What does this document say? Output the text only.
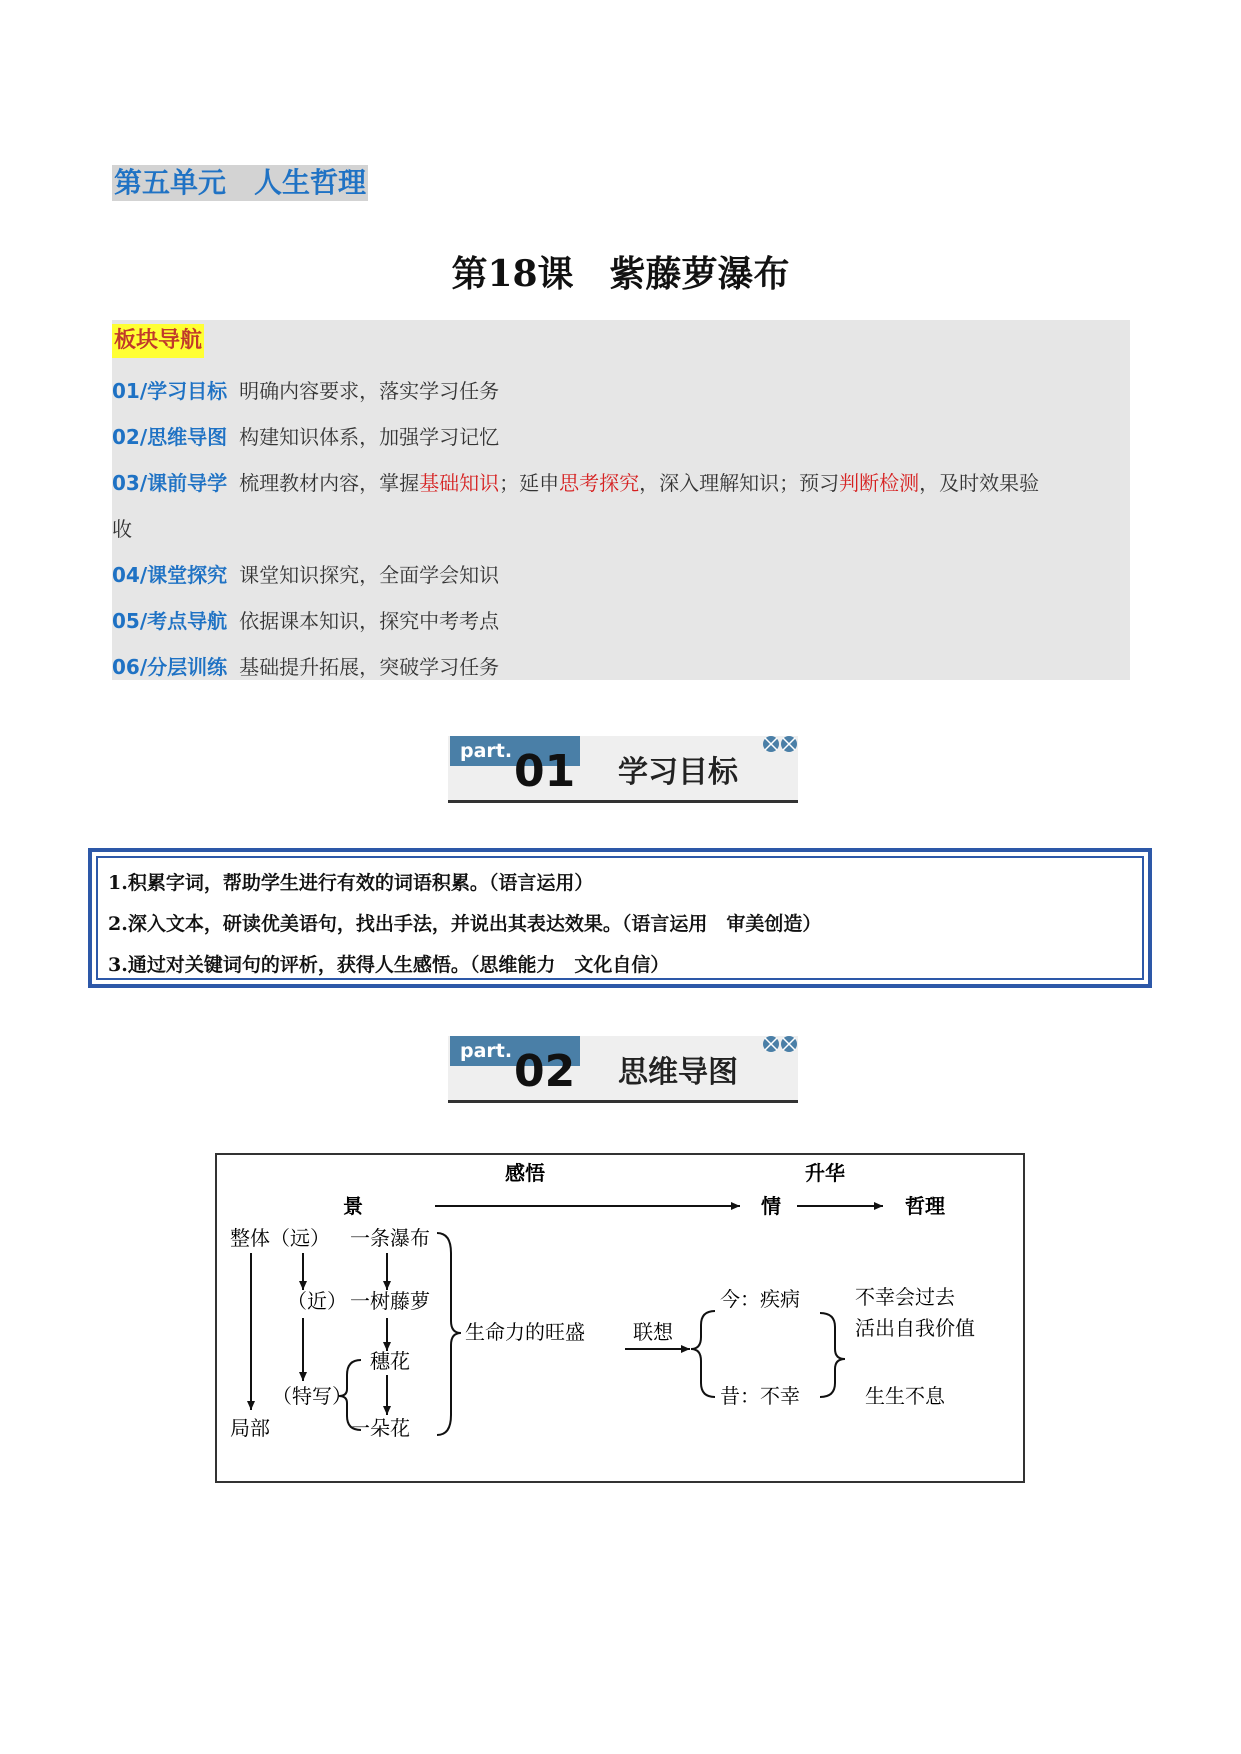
第五单元　人生哲理
第18课　紫藤萝瀑布
板块导航
01/学习目标 明确内容要求，落实学习任务
02/思维导图 构建知识体系，加强学习记忆
03/课前导学 梳理教材内容，掌握基础知识；延申思考探究，深入理解知识；预习判断检测，及时效果验
收
04/课堂探究 课堂知识探究，全面学会知识
05/考点导航 依据课本知识，探究中考考点
06/分层训练 基础提升拓展，突破学习任务
part. 01 学习目标
1.积累字词，帮助学生进行有效的词语积累。（语言运用）
2.深入文本，研读优美语句，找出手法，并说出其表达效果。（语言运用　审美创造）
3.通过对关键词句的评析，获得人生感悟。（思维能力　文化自信）
part. 02 思维导图
感悟	升华
景	情	哲理
整体（远）
（近）
（特写）
局部
一条瀑布
一树藤萝
穗花
一朵花
生命力的旺盛 联想
今：疾病
昔：不幸
不幸会过去
活出自我价值
生生不息
